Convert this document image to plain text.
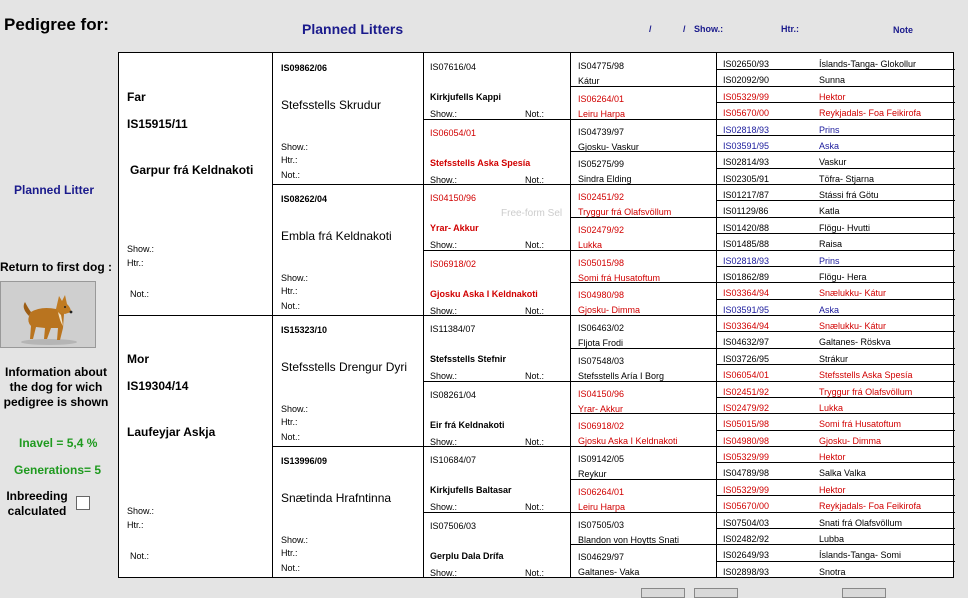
Pedigree for:	Planned Litters	/	/ Show.:	Htr.:	Note
Planned Litter
Return to first dog :
Information about the dog for wich pedigree is shown
Inavel = 5,4 %
Generations= 5
Inbreeding calculated
Free-form Sel
Far
IS15915/11
Garpur frá Keldnakoti
Show.:
Htr.:
Not.:
Mor
IS19304/14
Laufeyjar Askja
Show.:
Htr.:
Not.:
IS09862/06
Stefsstells Skrudur
Show.:
Htr.:
Not.:
IS08262/04
Embla frá Keldnakoti
Show.:
Htr.:
Not.:
IS15323/10
Stefsstells Drengur Dyri
Show.:
Htr.:
Not.:
IS13996/09
Snætinda Hrafntinna
Show.:
Htr.:
Not.:
IS07616/04
Kirkjufells Kappi
Show.:	Not.:
IS06054/01
Stefsstells Aska Spesía
Show.:	Not.:
IS04150/96
Yrar- Akkur
Show.:	Not.:
IS06918/02
Gjosku Aska I Keldnakoti
Show.:	Not.:
IS11384/07
Stefsstells Stefnir
Show.:	Not.:
IS08261/04
Eir frá Keldnakoti
Show.:	Not.:
IS10684/07
Kirkjufells Baltasar
Show.:	Not.:
IS07506/03
Gerplu Dala Drífa
Show.:	Not.:
IS04775/98
Kátur
IS06264/01
Leiru Harpa
IS04739/97
Gjosku- Vaskur
IS05275/99
Sindra Elding
IS02451/92
Tryggur frá Olafsvöllum
IS02479/92
Lukka
IS05015/98
Somi frá Husatoftum
IS04980/98
Gjosku- Dimma
IS06463/02
Fljota Frodi
IS07548/03
Stefsstells Aría I Borg
IS04150/96
Yrar- Akkur
IS06918/02
Gjosku Aska I Keldnakoti
IS09142/05
Reykur
IS06264/01
Leiru Harpa
IS07505/03
Blandon von Hoytts Snati
IS04629/97
Galtanes- Vaka
IS02650/93	Íslands-Tanga- Glokollur
IS02092/90	Sunna
IS05329/99	Hektor
IS05670/00	Reykjadals- Foa Feikirofa
IS02818/93	Prins
IS03591/95	Aska
IS02814/93	Vaskur
IS02305/91	Töfra- Stjarna
IS01217/87	Stássi frá Götu
IS01129/86	Katla
IS01420/88	Flögu- Hvutti
IS01485/88	Raisa
IS02818/93	Prins
IS01862/89	Flögu- Hera
IS03364/94	Snælukku- Kátur
IS03591/95	Aska
IS03364/94	Snælukku- Kátur
IS04632/97	Galtanes- Röskva
IS03726/95	Strákur
IS06054/01	Stefsstells Aska Spesía
IS02451/92	Tryggur frá Olafsvöllum
IS02479/92	Lukka
IS05015/98	Somi frá Husatoftum
IS04980/98	Gjosku- Dimma
IS05329/99	Hektor
IS04789/98	Salka Valka
IS05329/99	Hektor
IS05670/00	Reykjadals- Foa Feikirofa
IS07504/03	Snati frá Olafsvöllum
IS02482/92	Lubba
IS02649/93	Íslands-Tanga- Somi
IS02898/93	Snotra
